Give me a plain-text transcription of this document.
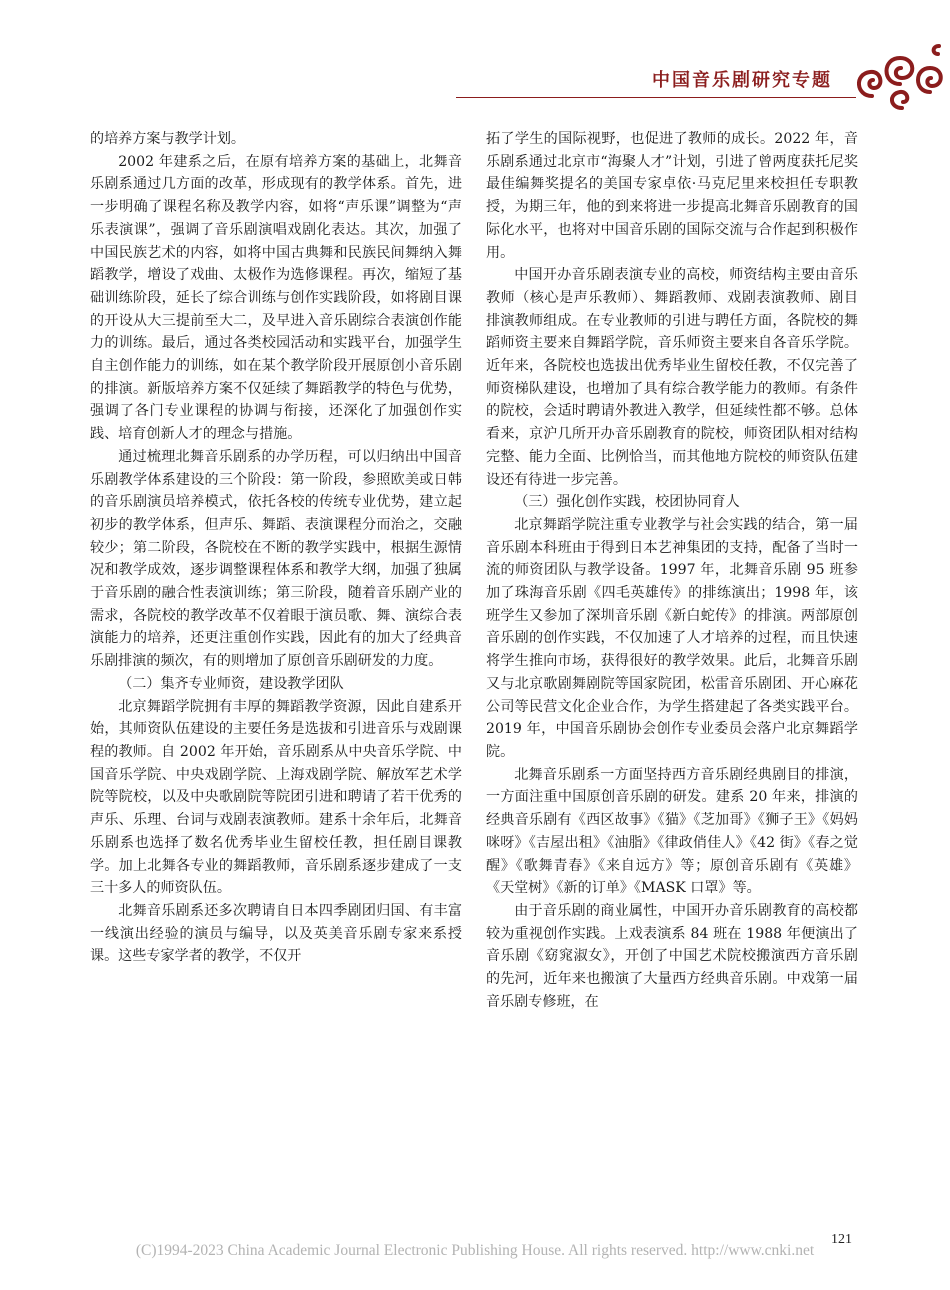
中国音乐剧研究专题

的培养方案与教学计划。

2002 年建系之后，在原有培养方案的基础上，北舞音乐剧系通过几方面的改革，形成现有的教学体系。首先，进一步明确了课程名称及教学内容，如将“声乐课”调整为“声乐表演课”，强调了音乐剧演唱戏剧化表达。其次，加强了中国民族艺术的内容，如将中国古典舞和民族民间舞纳入舞蹈教学，增设了戏曲、太极作为选修课程。再次，缩短了基础训练阶段，延长了综合训练与创作实践阶段，如将剧目课的开设从大三提前至大二，及早进入音乐剧综合表演创作能力的训练。最后，通过各类校园活动和实践平台，加强学生自主创作能力的训练，如在某个教学阶段开展原创小音乐剧的排演。新版培养方案不仅延续了舞蹈教学的特色与优势，强调了各门专业课程的协调与衔接，还深化了加强创作实践、培育创新人才的理念与措施。

通过梳理北舞音乐剧系的办学历程，可以归纳出中国音乐剧教学体系建设的三个阶段：第一阶段，参照欧美或日韩的音乐剧演员培养模式，依托各校的传统专业优势，建立起初步的教学体系，但声乐、舞蹈、表演课程分而治之，交融较少；第二阶段，各院校在不断的教学实践中，根据生源情况和教学成效，逐步调整课程体系和教学大纲，加强了独属于音乐剧的融合性表演训练；第三阶段，随着音乐剧产业的需求，各院校的教学改革不仅着眼于演员歌、舞、演综合表演能力的培养，还更注重创作实践，因此有的加大了经典音乐剧排演的频次，有的则增加了原创音乐剧研发的力度。

（二）集齐专业师资，建设教学团队

北京舞蹈学院拥有丰厚的舞蹈教学资源，因此自建系开始，其师资队伍建设的主要任务是选拔和引进音乐与戏剧课程的教师。自 2002 年开始，音乐剧系从中央音乐学院、中国音乐学院、中央戏剧学院、上海戏剧学院、解放军艺术学院等院校，以及中央歌剧院等院团引进和聘请了若干优秀的声乐、乐理、台词与戏剧表演教师。建系十余年后，北舞音乐剧系也选择了数名优秀毕业生留校任教，担任剧目课教学。加上北舞各专业的舞蹈教师，音乐剧系逐步建成了一支三十多人的师资队伍。

北舞音乐剧系还多次聘请自日本四季剧团归国、有丰富一线演出经验的演员与编导，以及英美音乐剧专家来系授课。这些专家学者的教学，不仅开

拓了学生的国际视野，也促进了教师的成长。2022 年，音乐剧系通过北京市“海聚人才”计划，引进了曾两度获托尼奖最佳编舞奖提名的美国专家卓依·马克尼里来校担任专职教授，为期三年，他的到来将进一步提高北舞音乐剧教育的国际化水平，也将对中国音乐剧的国际交流与合作起到积极作用。

中国开办音乐剧表演专业的高校，师资结构主要由音乐教师（核心是声乐教师）、舞蹈教师、戏剧表演教师、剧目排演教师组成。在专业教师的引进与聘任方面，各院校的舞蹈师资主要来自舞蹈学院，音乐师资主要来自各音乐学院。近年来，各院校也选拔出优秀毕业生留校任教，不仅完善了师资梯队建设，也增加了具有综合教学能力的教师。有条件的院校，会适时聘请外教进入教学，但延续性都不够。总体看来，京沪几所开办音乐剧教育的院校，师资团队相对结构完整、能力全面、比例恰当，而其他地方院校的师资队伍建设还有待进一步完善。

（三）强化创作实践，校团协同育人

北京舞蹈学院注重专业教学与社会实践的结合，第一届音乐剧本科班由于得到日本艺神集团的支持，配备了当时一流的师资团队与教学设备。1997 年，北舞音乐剧 95 班参加了珠海音乐剧《四毛英雄传》的排练演出；1998 年，该班学生又参加了深圳音乐剧《新白蛇传》的排演。两部原创音乐剧的创作实践，不仅加速了人才培养的过程，而且快速将学生推向市场，获得很好的教学效果。此后，北舞音乐剧又与北京歌剧舞剧院等国家院团，松雷音乐剧团、开心麻花公司等民营文化企业合作，为学生搭建起了各类实践平台。2019 年，中国音乐剧协会创作专业委员会落户北京舞蹈学院。

北舞音乐剧系一方面坚持西方音乐剧经典剧目的排演，一方面注重中国原创音乐剧的研发。建系 20 年来，排演的经典音乐剧有《西区故事》《猫》《芝加哥》《狮子王》《妈妈咪呀》《吉屋出租》《油脂》《律政俏佳人》《42 街》《春之觉醒》《歌舞青春》《来自远方》等；原创音乐剧有《英雄》《天堂树》《新的订单》《MASK 口罩》等。

由于音乐剧的商业属性，中国开办音乐剧教育的高校都较为重视创作实践。上戏表演系 84 班在 1988 年便演出了音乐剧《窈窕淑女》，开创了中国艺术院校搬演西方音乐剧的先河，近年来也搬演了大量西方经典音乐剧。中戏第一届音乐剧专修班，在

121
(C)1994-2023 China Academic Journal Electronic Publishing House. All rights reserved. http://www.cnki.net
